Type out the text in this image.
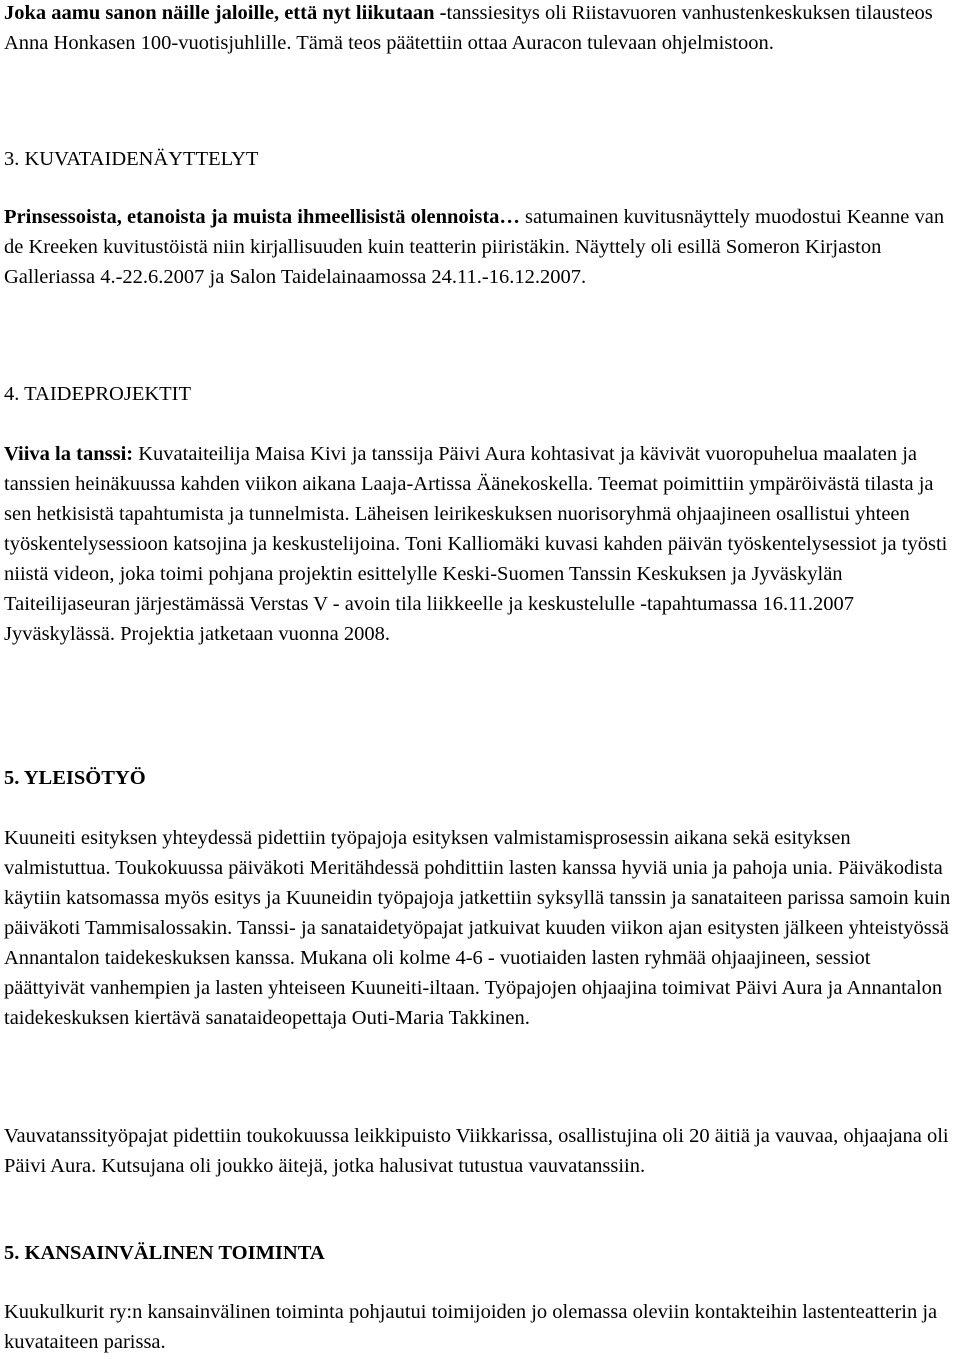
Joka aamu sanon näille jaloille, että nyt liikutaan -tanssiesitys oli Riistavuoren vanhustenkeskuksen tilausteos Anna Honkasen 100-vuotisjuhlille. Tämä teos päätettiin ottaa Auracon tulevaan ohjelmistoon.

3. KUVATAIDENÄYTTELYT

Prinsessoista, etanoista ja muista ihmeellisistä olennoista… satumainen kuvitusnäyttely muodostui Keanne van de Kreeken kuvitustöistä niin kirjallisuuden kuin teatterin piiristäkin. Näyttely oli esillä Someron Kirjaston Galleriassa 4.-22.6.2007 ja Salon Taidelainaamossa 24.11.-16.12.2007.

4. TAIDEPROJEKTIT

Viiva la tanssi: Kuvataiteilija Maisa Kivi ja tanssija Päivi Aura kohtasivat ja kävivät vuoropuhelua maalaten ja tanssien heinäkuussa kahden viikon aikana Laaja-Artissa Äänekoskella. Teemat poimittiin ympäröivästä tilasta ja sen hetkisistä tapahtumista ja tunnelmista. Läheisen leirikeskuksen nuorisoryhmä ohjaajineen osallistui yhteen työskentelysessioon katsojina ja keskustelijoina. Toni Kalliomäki kuvasi kahden päivän työskentelysessiot ja työsti niistä videon, joka toimi pohjana projektin esittelylle Keski-Suomen Tanssin Keskuksen ja Jyväskylän Taiteilijaseuran järjestämässä Verstas V - avoin tila liikkeelle ja keskustelulle -tapahtumassa 16.11.2007 Jyväskylässä. Projektia jatketaan vuonna 2008.

5. YLEISÖTYÖ

Kuuneiti esityksen yhteydessä pidettiin työpajoja esityksen valmistamisprosessin aikana sekä esityksen valmistuttua. Toukokuussa päiväkoti Meritähdessä pohdittiin lasten kanssa hyviä unia ja pahoja unia. Päiväkodista käytiin katsomassa myös esitys ja Kuuneidin työpajoja jatkettiin syksyllä tanssin ja sanataiteen parissa samoin kuin päiväkoti Tammisalossakin. Tanssi- ja sanataidetyöpajat jatkuivat kuuden viikon ajan esitysten jälkeen yhteistyössä Annantalon taidekeskuksen kanssa. Mukana oli kolme 4-6 - vuotiaiden lasten ryhmää ohjaajineen, sessiot päättyivät vanhempien ja lasten yhteiseen Kuuneiti-iltaan. Työpajojen ohjaajina toimivat Päivi Aura ja Annantalon taidekeskuksen kiertävä sanataideopettaja Outi-Maria Takkinen.

Vauvatanssityöpajat pidettiin toukokuussa leikkipuisto Viikkarissa, osallistujina oli 20 äitiä ja vauvaa, ohjaajana oli Päivi Aura. Kutsujana oli joukko äitejä, jotka halusivat tutustua vauvatanssiin.

5. KANSAINVÄLINEN TOIMINTA

Kuukulkurit ry:n kansainvälinen toiminta pohjautui toimijoiden jo olemassa oleviin kontakteihin lastenteatterin ja kuvataiteen parissa.
